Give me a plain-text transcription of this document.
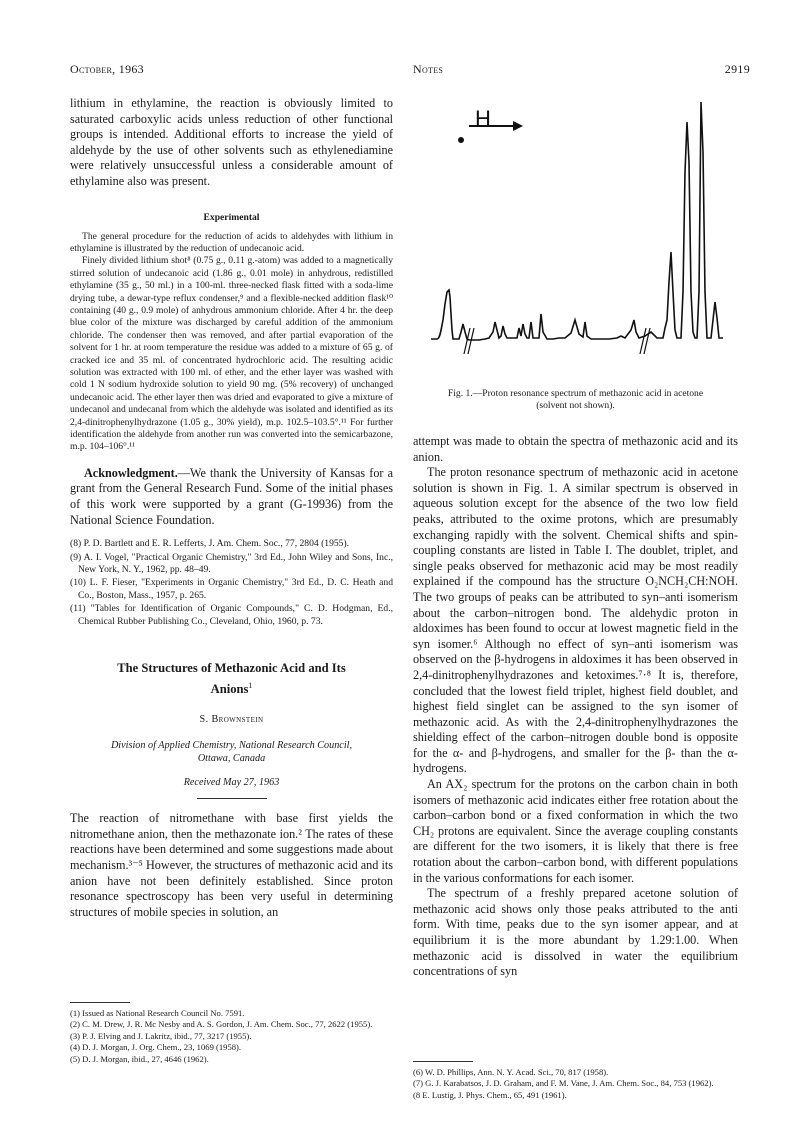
October, 1963	Notes	2919

lithium in ethylamine, the reaction is obviously limited to saturated carboxylic acids unless reduction of other functional groups is intended. Additional efforts to increase the yield of aldehyde by the use of other solvents such as ethylenediamine were relatively unsuccessful unless a considerable amount of ethylamine also was present.

Experimental

The general procedure for the reduction of acids to aldehydes with lithium in ethylamine is illustrated by the reduction of undecanoic acid.

Finely divided lithium shot⁸ (0.75 g., 0.11 g.-atom) was added to a magnetically stirred solution of undecanoic acid (1.86 g., 0.01 mole) in anhydrous, redistilled ethylamine (35 g., 50 ml.) in a 100-ml. three-necked flask fitted with a soda-lime drying tube, a dewar-type reflux condenser,⁹ and a flexible-necked addition flask¹⁰ containing (40 g., 0.9 mole) of anhydrous ammonium chloride. After 4 hr. the deep blue color of the mixture was discharged by careful addition of the ammonium chloride. The condenser then was removed, and after partial evaporation of the solvent for 1 hr. at room temperature the residue was added to a mixture of 65 g. of cracked ice and 35 ml. of concentrated hydrochloric acid. The resulting acidic solution was extracted with 100 ml. of ether, and the ether layer was washed with cold 1 N sodium hydroxide solution to yield 90 mg. (5% recovery) of unchanged undecanoic acid. The ether layer then was dried and evaporated to give a mixture of undecanol and undecanal from which the aldehyde was isolated and identified as its 2,4-dinitrophenylhydrazone (1.05 g., 30% yield), m.p. 102.5–103.5°.¹¹ For further identification the aldehyde from another run was converted into the semicarbazone, m.p. 104–106°.¹¹

Acknowledgment.—We thank the University of Kansas for a grant from the General Research Fund. Some of the initial phases of this work were supported by a grant (G-19936) from the National Science Foundation.

(8) P. D. Bartlett and E. R. Lefferts, J. Am. Chem. Soc., 77, 2804 (1955).

(9) A. I. Vogel, "Practical Organic Chemistry," 3rd Ed., John Wiley and Sons, Inc., New York, N. Y., 1962, pp. 48–49.

(10) L. F. Fieser, "Experiments in Organic Chemistry," 3rd Ed., D. C. Heath and Co., Boston, Mass., 1957, p. 265.

(11) "Tables for Identification of Organic Compounds," C. D. Hodgman, Ed., Chemical Rubber Publishing Co., Cleveland, Ohio, 1960, p. 73.

The Structures of Methazonic Acid and Its
Anions$^1$
S. Brownstein
Division of Applied Chemistry, National Research Council,
Ottawa, Canada
Received May 27, 1963

The reaction of nitromethane with base first yields the nitromethane anion, then the methazonate ion.² The rates of these reactions have been determined and some suggestions made about mechanism.³⁻⁵ However, the structures of methazonic acid and its anion have not been definitely established. Since proton resonance spectroscopy has been very useful in determining structures of mobile species in solution, an

(1) Issued as National Research Council No. 7591.

(2) C. M. Drew, J. R. Mc Nesby and A. S. Gordon, J. Am. Chem. Soc., 77, 2622 (1955).

(3) P. J. Elving and J. Lakritz, ibid., 77, 3217 (1955).

(4) D. J. Morgan, J. Org. Chem., 23, 1069 (1958).

(5) D. J. Morgan, ibid., 27, 4646 (1962).

H
Fig. 1.—Proton resonance spectrum of methazonic acid in acetone
(solvent not shown).

attempt was made to obtain the spectra of methazonic acid and its anion.

The proton resonance spectrum of methazonic acid in acetone solution is shown in Fig. 1. A similar spectrum is observed in aqueous solution except for the absence of the two low field peaks, attributed to the oxime protons, which are presumably exchanging rapidly with the solvent. Chemical shifts and spin-coupling constants are listed in Table I. The doublet, triplet, and single peaks observed for methazonic acid may be most readily explained if the compound has the structure O₂NCH₂CH:NOH. The two groups of peaks can be attributed to syn–anti isomerism about the carbon–nitrogen bond. The aldehydic proton in aldoximes has been found to occur at lowest magnetic field in the syn isomer.⁶ Although no effect of syn–anti isomerism was observed on the β-hydrogens in aldoximes it has been observed in 2,4-dinitrophenylhydrazones and ketoximes.⁷·⁸ It is, therefore, concluded that the lowest field triplet, highest field doublet, and highest field singlet can be assigned to the syn isomer of methazonic acid. As with the 2,4-dinitrophenylhydrazones the shielding effect of the carbon–nitrogen double bond is opposite for the α- and β-hydrogens, and smaller for the β- than the α-hydrogens.

An AX₂ spectrum for the protons on the carbon chain in both isomers of methazonic acid indicates either free rotation about the carbon–carbon bond or a fixed conformation in which the two CH₂ protons are equivalent. Since the average coupling constants are different for the two isomers, it is likely that there is free rotation about the carbon–carbon bond, with different populations in the various conformations for each isomer.

The spectrum of a freshly prepared acetone solution of methazonic acid shows only those peaks attributed to the anti form. With time, peaks due to the syn isomer appear, and at equilibrium it is the more abundant by 1.29:1.00. When methazonic acid is dissolved in water the equilibrium concentrations of syn

(6) W. D. Phillips, Ann. N. Y. Acad. Sci., 70, 817 (1958).

(7) G. J. Karabatsos, J. D. Graham, and F. M. Vane, J. Am. Chem. Soc., 84, 753 (1962).

(8 E. Lustig, J. Phys. Chem., 65, 491 (1961).
